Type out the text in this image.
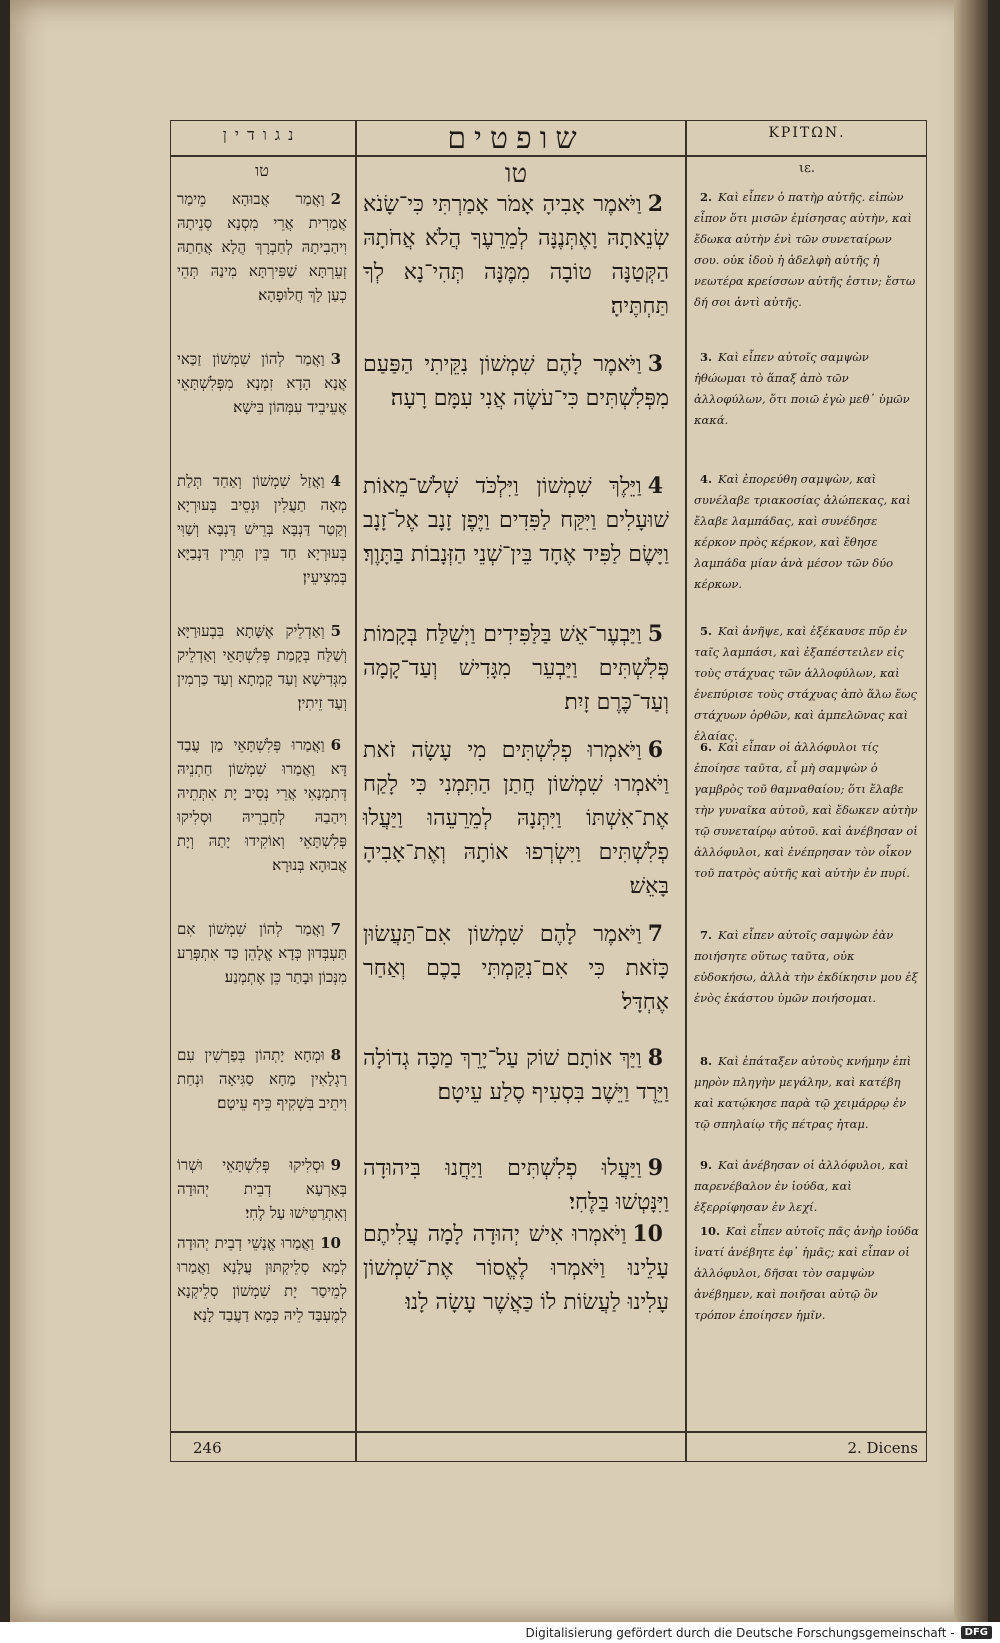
נגודין
טו
2וַאֲמַר אֲבוּהָא מֵימַר אֲמַרִית אֲרֵי מִסְנָא סְנֵיתָהּ וִיהַבִיתָהּ לְחַבְרָךְ הֲלָא אֲחַתַהּ זְעֵרְתָּא שַׁפִּירְתָּא מִינַהּ תְּהֵי כְעַן לָךְ חֲלוּפָהָא׃
3וַאֲמַר לְהוֹן שִׁמְשׁוֹן זַכַּאי אֲנָא הָדָא זִמְנָא מִפְּלִשְׁתָּאֵי אֲעֵיבֵיד עִמְּהוֹן בִּישָׁא׃
4וַאֲזַל שִׁמְשׁוֹן וְאַחַד תְּלַת מְאָה תַעֲלִין וּנְסֵיב בְּעוּרְיָא וְקַטַר דַּנְבָּא בְּרֵישׁ דַּנְבָּא וְשַׁוִּי בְּעוּרְיָא חַד בֵּין תְּרֵין דַּנְבַיָּא בְּמִצִיעֵין׃
5וְאַדְלֵיק אֶשָּׁתָא בִּבְעוּרַיָּא וְשַׁלַּח בְּקָמַת פְּלִשְׁתָּאֵי וְאַדְלֵיק מִגְּדִישָׁא וְעַד קָמְתָא וְעַד כַּרְמִין וְעַד זֵיתִין׃
6וַאֲמַרוּ פְּלִשְׁתָּאֵי מַן עֲבַד דָּא וַאֲמַרוּ שִׁמְשׁוֹן חַתְנֵיהּ דְּתִמְנָאִי אֲרֵי נְסֵיב יָת אִתְּתֵיהּ וִיהַבַהּ לְחַבְרֵיהּ וּסְלִיקוּ פְּלִשְׁתָּאֵי וְאוֹקִידוּ יָתַהּ וְיָת אֲבוּהָא בְּנוּרָא׃
7וַאֲמַר לְהוֹן שִׁמְשׁוֹן אִם תַּעְבְּדוּן כְּדָא אֱלָהֵן כַּד אִתְפְּרַע מִנְּכוֹן וּבָתַר כֵּן אֶתְמְנַע׃
8וּמְחָא יָתְהוֹן בְּפַרְשִׁין עִם רַגְלָאִין מַחָא סַגִּיאָה וּנְחַת וִיתֵיב בִּשְׁקִיף כֵּיף עֵיטָם׃
9וּסְלִיקוּ פְּלִשְׁתָּאֵי וּשְׁרוֹ בְּאַרְעָא דְבֵית יְהוּדָה וְאִתְרַטִּישׁוּ עַל לֶחִי׃
10וַאֲמַרוּ אֱנָשֵׁי דְבֵית יְהוּדָה לְמָא סְלֵיקְתּוּן עֲלָנָא וַאֲמַרוּ לְמֵיסַר יָת שִׁמְשׁוֹן סְלֵיקְנָא לְמֶעְבַּד לֵיהּ כְּמָא דַעֲבַד לָנָא׃
שופטים
טו
2וַיֹּאמֶר אָבִיהָ אָמֹר אָמַרְתִּי כִּי־שָׂנֹא שְׂנֵאתָהּ וָאֶתְּנֶנָּה לְמֵרֵעֶךָ הֲלֹא אֲחֹתָהּ הַקְּטַנָּה טוֹבָה מִמֶּנָּה תְּהִי־נָא לְךָ תַּחְתֶּיהָ׃
3וַיֹּאמֶר לָהֶם שִׁמְשׁוֹן נִקֵּיתִי הַפַּעַם מִפְּלִשְׁתִּים כִּי־עֹשֶׂה אֲנִי עִמָּם רָעָה׃
4וַיֵּלֶךְ שִׁמְשׁוֹן וַיִּלְכֹּד שְׁלֹשׁ־מֵאוֹת שׁוּעָלִים וַיִּקַּח לַפִּדִים וַיֶּפֶן זָנָב אֶל־זָנָב וַיָּשֶׂם לַפִּיד אֶחָד בֵּין־שְׁנֵי הַזְּנָבוֹת בַּתָּוֶךְ׃
5וַיַּבְעֶר־אֵשׁ בַּלַּפִּידִים וַיְשַׁלַּח בְּקָמוֹת פְּלִשְׁתִּים וַיַּבְעֵר מִגָּדִישׁ וְעַד־קָמָה וְעַד־כֶּרֶם זָיִת׃
6וַיֹּאמְרוּ פְלִשְׁתִּים מִי עָשָׂה זֹאת וַיֹּאמְרוּ שִׁמְשׁוֹן חֲתַן הַתִּמְנִי כִּי לָקַח אֶת־אִשְׁתּוֹ וַיִּתְּנָהּ לְמֵרֵעֵהוּ וַיַּעֲלוּ פְלִשְׁתִּים וַיִּשְׂרְפוּ אוֹתָהּ וְאֶת־אָבִיהָ בָּאֵשׁ׃
7וַיֹּאמֶר לָהֶם שִׁמְשׁוֹן אִם־תַּעֲשׂוּן כָּזֹאת כִּי אִם־נִקַּמְתִּי בָכֶם וְאַחַר אֶחְדָּל׃
8וַיַּךְ אוֹתָם שׁוֹק עַל־יָרֵךְ מַכָּה גְדוֹלָה וַיֵּרֶד וַיֵּשֶׁב בִּסְעִיף סֶלַע עֵיטָם׃
9וַיַּעֲלוּ פְלִשְׁתִּים וַיַּחֲנוּ בִּיהוּדָה וַיִּנָּטְשׁוּ בַּלֶּחִי׃
10וַיֹּאמְרוּ אִישׁ יְהוּדָה לָמָה עֲלִיתֶם עָלֵינוּ וַיֹּאמְרוּ לֶאֱסוֹר אֶת־שִׁמְשׁוֹן עָלִינוּ לַעֲשׂוֹת לוֹ כַּאֲשֶׁר עָשָׂה לָנוּ׃
ΚΡΙΤΩΝ.
ιε.
2. Καὶ εἶπεν ὁ πατὴρ αὐτῆς. εἰπὼν εἶπον ὅτι μισῶν ἐμίσησας αὐτὴν, καὶ ἔδωκα αὐτὴν ἑνὶ τῶν συνεταίρων σου. οὐκ ἰδοὺ ἡ ἀδελφὴ αὐτῆς ἡ νεωτέρα κρείσσων αὐτῆς ἐστιν; ἔστω δή σοι ἀντὶ αὐτῆς.
3. Καὶ εἶπεν αὐτοῖς σαμψὼν ἠθώωμαι τὸ ἅπαξ ἀπὸ τῶν ἀλλοφύλων, ὅτι ποιῶ ἐγὼ μεθ᾽ ὑμῶν κακά.
4. Καὶ ἐπορεύθη σαμψὼν, καὶ συνέλαβε τριακοσίας ἀλώπεκας, καὶ ἔλαβε λαμπάδας, καὶ συνέδησε κέρκον πρὸς κέρκον, καὶ ἔθησε λαμπάδα μίαν ἀνὰ μέσον τῶν δύο κέρκων.
5. Καὶ ἀνῆψε, καὶ ἐξέκαυσε πῦρ ἐν ταῖς λαμπάσι, καὶ ἐξαπέστειλεν εἰς τοὺς στάχυας τῶν ἀλλοφύλων, καὶ ἐνεπύρισε τοὺς στάχυας ἀπὸ ἅλω ἕως στάχυων ὀρθῶν, καὶ ἀμπελῶνας καὶ ἐλαίας.
6. Καὶ εἶπαν οἱ ἀλλόφυλοι τίς ἐποίησε ταῦτα, εἶ μὴ σαμψὼν ὁ γαμβρὸς τοῦ θαμναθαίου; ὅτι ἔλαβε τὴν γυναῖκα αὐτοῦ, καὶ ἔδωκεν αὐτὴν τῷ συνεταίρῳ αὐτοῦ. καὶ ἀνέβησαν οἱ ἀλλόφυλοι, καὶ ἐνέπρησαν τὸν οἶκον τοῦ πατρὸς αὐτῆς καὶ αὐτὴν ἐν πυρί.
7. Καὶ εἶπεν αὐτοῖς σαμψὼν ἐὰν ποιήσητε οὕτως ταῦτα, οὐκ εὐδοκήσω, ἀλλὰ τὴν ἐκδίκησιν μου ἐξ ἑνὸς ἑκάστου ὑμῶν ποιήσομαι.
8. Καὶ ἐπάταξεν αὐτοὺς κνήμην ἐπὶ μηρὸν πληγὴν μεγάλην, καὶ κατέβη καὶ κατῴκησε παρὰ τῷ χειμάρρῳ ἐν τῷ σπηλαίῳ τῆς πέτρας ἠταμ.
9. Καὶ ἀνέβησαν οἱ ἀλλόφυλοι, καὶ παρενέβαλον ἐν ἰούδα, καὶ ἐξερρίφησαν ἐν λεχί.
10. Καὶ εἶπεν αὐτοῖς πᾶς ἀνὴρ ἰούδα ἱνατί ἀνέβητε ἐφ᾽ ἡμᾶς; καὶ εἶπαν οἱ ἀλλόφυλοι, δῆσαι τὸν σαμψὼν ἀνέβημεν, καὶ ποιῆσαι αὐτῷ ὃν τρόπον ἐποίησεν ἡμῖν.
246	2. Dicens
Digitalisierung gefördert durch die Deutsche Forschungsgemeinschaft -	DFG
